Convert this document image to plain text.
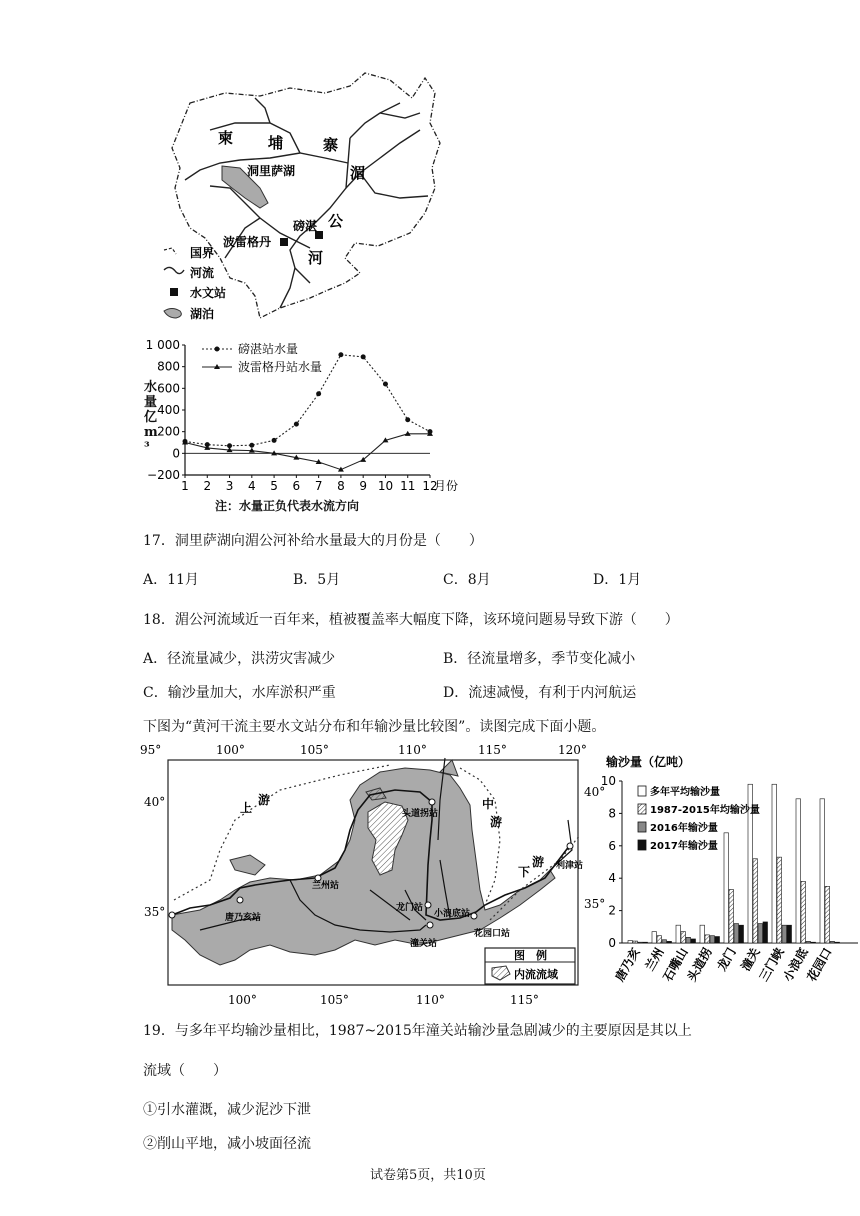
柬 埔	寨
湄
公
河
洞里萨湖
磅湛
波雷格丹
国界
河流
水文站
湖泊
1 000
800
600
400
200
0
−200
1 2 3 4 5 6 7 8 9 10 11 12
月份
磅湛站水量
波雷格丹站水量
水量亿m³
注：水量正负代表水流方向
17．洞里萨湖向湄公河补给水量最大的月份是（　　）
A．11月	B．5月	C．8月	D．1月
18．湄公河流域近一百年来，植被覆盖率大幅度下降，该环境问题易导致下游（　　）
A．径流量减少，洪涝灾害减少	B．径流量增多，季节变化减小
C．输沙量加大，水库淤积严重	D．流速减慢，有利于内河航运
下图为“黄河干流主要水文站分布和年输沙量比较图”。读图完成下面小题。
95°	100°	105°	110°	115°	120°
100°	105°	110°	115°
40°
35°
40°
35°
上
游	中
游
下
游
唐乃亥站
兰州站
头道拐站
龙门站
小浪底站
潼关站
花园口站
利津站
图　例
内流流域
输沙量（亿吨）
0
2
4
6
8
10
唐乃亥 兰州
石嘴山
头道拐 龙门 潼关
三门峡
小浪底
花园口
多年平均输沙量
1987-2015年均输沙量
2016年输沙量
2017年输沙量
19．与多年平均输沙量相比，1987~2015年潼关站输沙量急剧减少的主要原因是其以上
流域（　　）
①引水灌溉，减少泥沙下泄
②削山平地，减小坡面径流
试卷第5页，共10页
